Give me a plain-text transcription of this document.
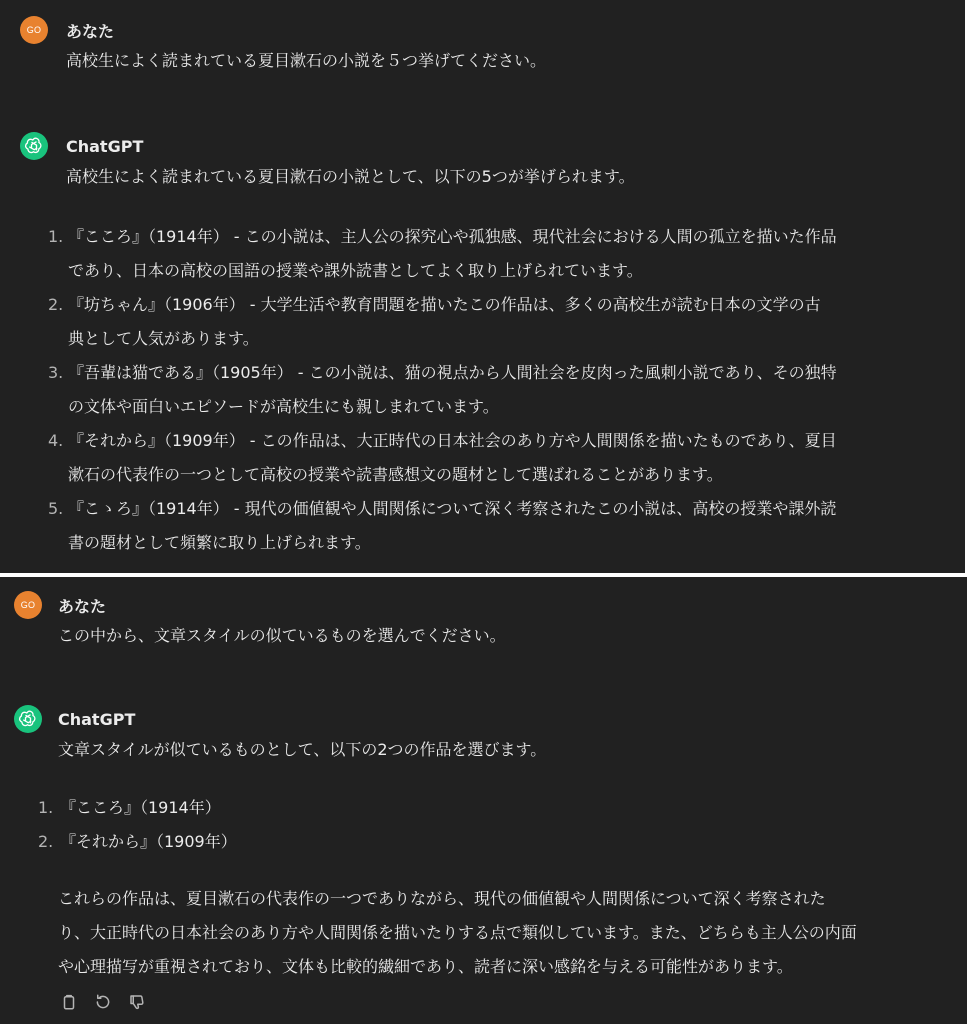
GO	あなた
高校生によく読まれている夏目漱石の小説を５つ挙げてください。
ChatGPT
高校生によく読まれている夏目漱石の小説として、以下の5つが挙げられます。
1. 『こころ』（1914年） - この小説は、主人公の探究心や孤独感、現代社会における人間の孤立を描いた作品
であり、日本の高校の国語の授業や課外読書としてよく取り上げられています。
2. 『坊ちゃん』（1906年） - 大学生活や教育問題を描いたこの作品は、多くの高校生が読む日本の文学の古
典として人気があります。
3. 『吾輩は猫である』（1905年） - この小説は、猫の視点から人間社会を皮肉った風刺小説であり、その独特
の文体や面白いエピソードが高校生にも親しまれています。
4. 『それから』（1909年） - この作品は、大正時代の日本社会のあり方や人間関係を描いたものであり、夏目
漱石の代表作の一つとして高校の授業や読書感想文の題材として選ばれることがあります。
5. 『こゝろ』（1914年） - 現代の価値観や人間関係について深く考察されたこの小説は、高校の授業や課外読
書の題材として頻繁に取り上げられます。
GO	あなた
この中から、文章スタイルの似ているものを選んでください。
ChatGPT
文章スタイルが似ているものとして、以下の2つの作品を選びます。
1. 『こころ』（1914年）
2. 『それから』（1909年）
これらの作品は、夏目漱石の代表作の一つでありながら、現代の価値観や人間関係について深く考察された
り、大正時代の日本社会のあり方や人間関係を描いたりする点で類似しています。また、どちらも主人公の内面
や心理描写が重視されており、文体も比較的繊細であり、読者に深い感銘を与える可能性があります。
